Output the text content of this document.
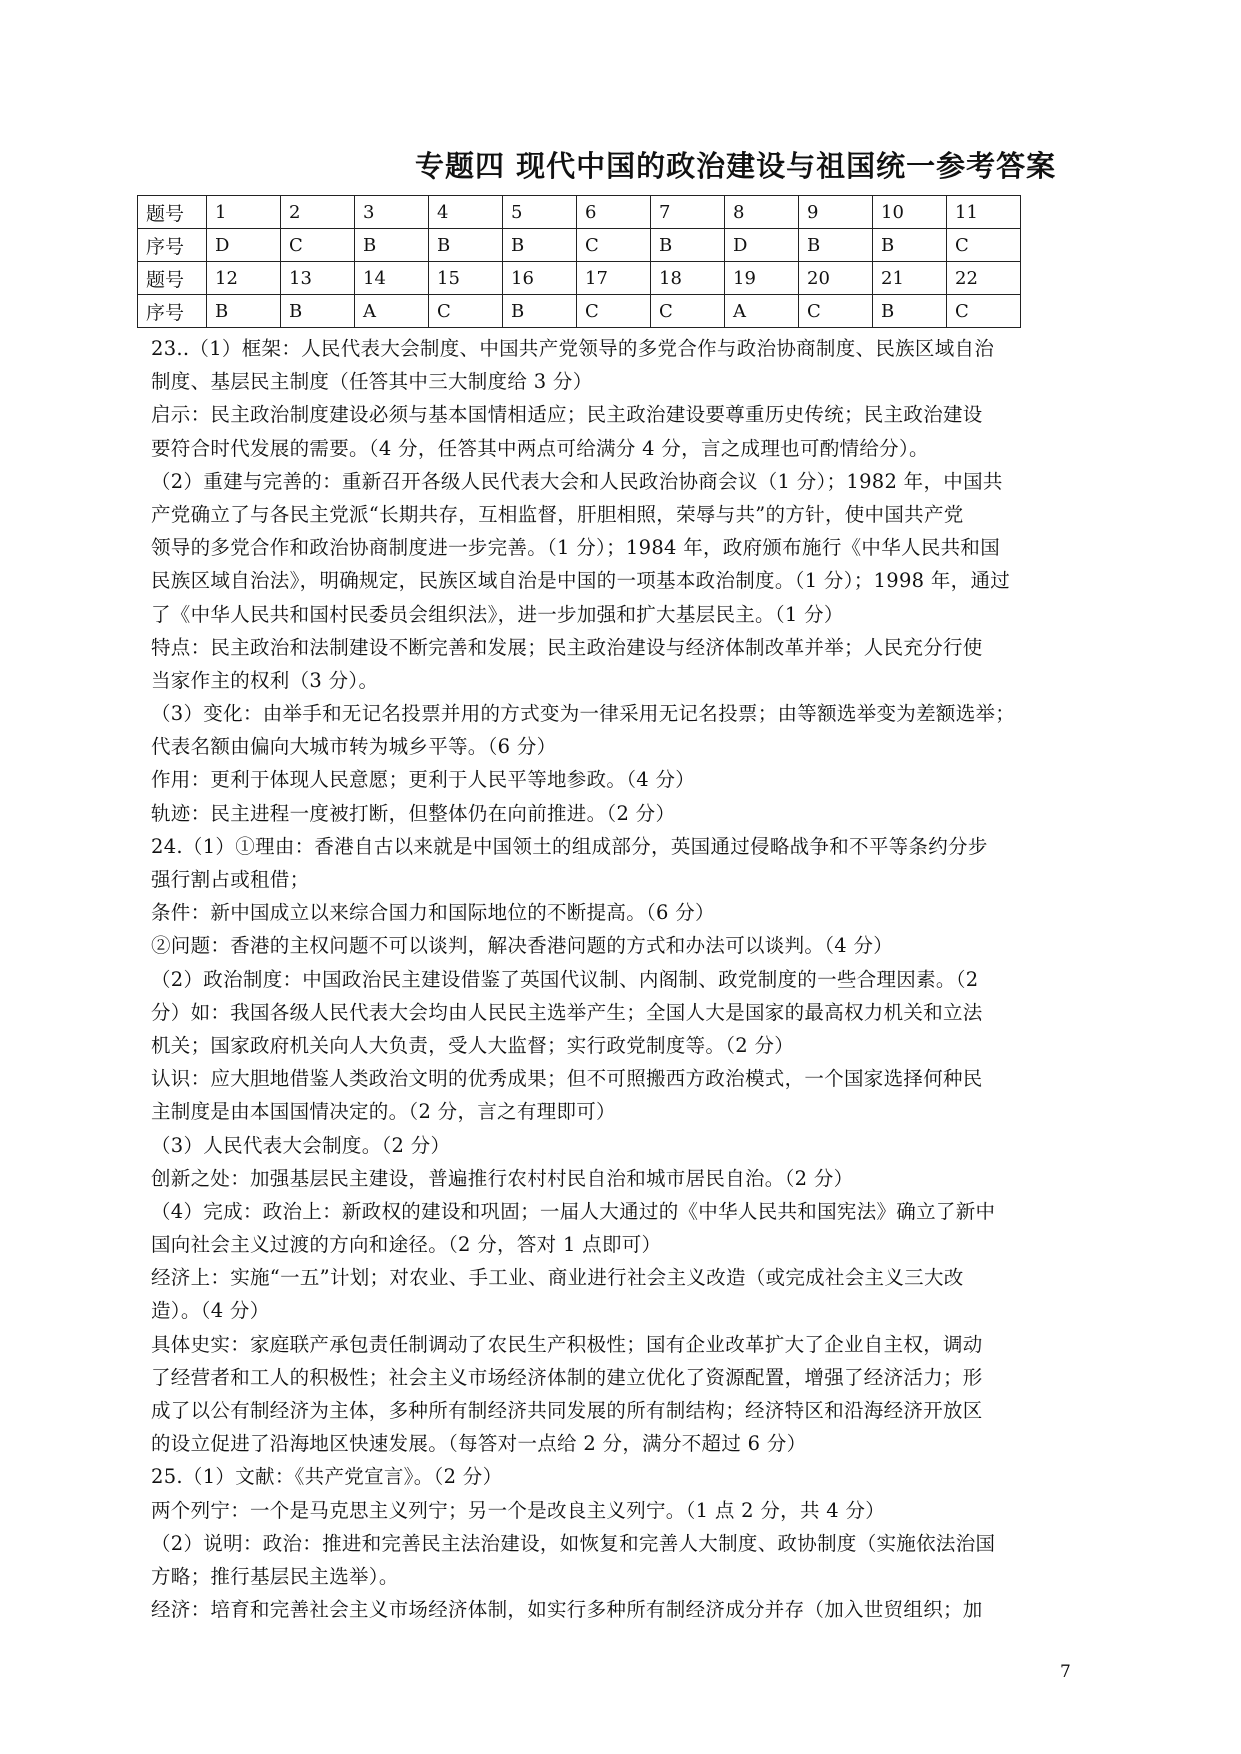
专题四 现代中国的政治建设与祖国统一参考答案
题号	1	2	3	4	5	6	7	8	9	10	11
序号	D	C	B	B	B	C	B	D	B	B	C
题号	12	13	14	15	16	17	18	19	20	21	22
序号	B	B	A	C	B	C	C	A	C	B	C
23..（1）框架：人民代表大会制度、中国共产党领导的多党合作与政治协商制度、民族区域自治
制度、基层民主制度（任答其中三大制度给 3 分）
启示：民主政治制度建设必须与基本国情相适应；民主政治建设要尊重历史传统；民主政治建设
要符合时代发展的需要。（4 分，任答其中两点可给满分 4 分，言之成理也可酌情给分）。
（2）重建与完善的：重新召开各级人民代表大会和人民政治协商会议（1 分）；1982 年，中国共
产党确立了与各民主党派“长期共存，互相监督，肝胆相照，荣辱与共”的方针，使中国共产党
领导的多党合作和政治协商制度进一步完善。（1 分）；1984 年，政府颁布施行《中华人民共和国
民族区域自治法》，明确规定，民族区域自治是中国的一项基本政治制度。（1 分）；1998 年，通过
了《中华人民共和国村民委员会组织法》，进一步加强和扩大基层民主。（1 分）
特点：民主政治和法制建设不断完善和发展；民主政治建设与经济体制改革并举；人民充分行使
当家作主的权利（3 分）。
（3）变化：由举手和无记名投票并用的方式变为一律采用无记名投票；由等额选举变为差额选举；
代表名额由偏向大城市转为城乡平等。（6 分）
作用：更利于体现人民意愿；更利于人民平等地参政。（4 分）
轨迹：民主进程一度被打断，但整体仍在向前推进。（2 分）
24.（1）①理由：香港自古以来就是中国领土的组成部分，英国通过侵略战争和不平等条约分步
强行割占或租借；
条件：新中国成立以来综合国力和国际地位的不断提高。（6 分）
②问题：香港的主权问题不可以谈判，解决香港问题的方式和办法可以谈判。（4 分）
（2）政治制度：中国政治民主建设借鉴了英国代议制、内阁制、政党制度的一些合理因素。（2
分）如：我国各级人民代表大会均由人民民主选举产生；全国人大是国家的最高权力机关和立法
机关；国家政府机关向人大负责，受人大监督；实行政党制度等。（2 分）
认识：应大胆地借鉴人类政治文明的优秀成果；但不可照搬西方政治模式，一个国家选择何种民
主制度是由本国国情决定的。（2 分，言之有理即可）
（3）人民代表大会制度。（2 分）
创新之处：加强基层民主建设，普遍推行农村村民自治和城市居民自治。（2 分）
（4）完成：政治上：新政权的建设和巩固；一届人大通过的《中华人民共和国宪法》确立了新中
国向社会主义过渡的方向和途径。（2 分，答对 1 点即可）
经济上：实施“一五”计划；对农业、手工业、商业进行社会主义改造（或完成社会主义三大改
造）。（4 分）
具体史实：家庭联产承包责任制调动了农民生产积极性；国有企业改革扩大了企业自主权，调动
了经营者和工人的积极性；社会主义市场经济体制的建立优化了资源配置，增强了经济活力；形
成了以公有制经济为主体，多种所有制经济共同发展的所有制结构；经济特区和沿海经济开放区
的设立促进了沿海地区快速发展。（每答对一点给 2 分，满分不超过 6 分）
25.（1）文献：《共产党宣言》。（2 分）
两个列宁：一个是马克思主义列宁；另一个是改良主义列宁。（1 点 2 分，共 4 分）
（2）说明：政治：推进和完善民主法治建设，如恢复和完善人大制度、政协制度（实施依法治国
方略；推行基层民主选举）。
经济：培育和完善社会主义市场经济体制，如实行多种所有制经济成分并存（加入世贸组织；加
7
